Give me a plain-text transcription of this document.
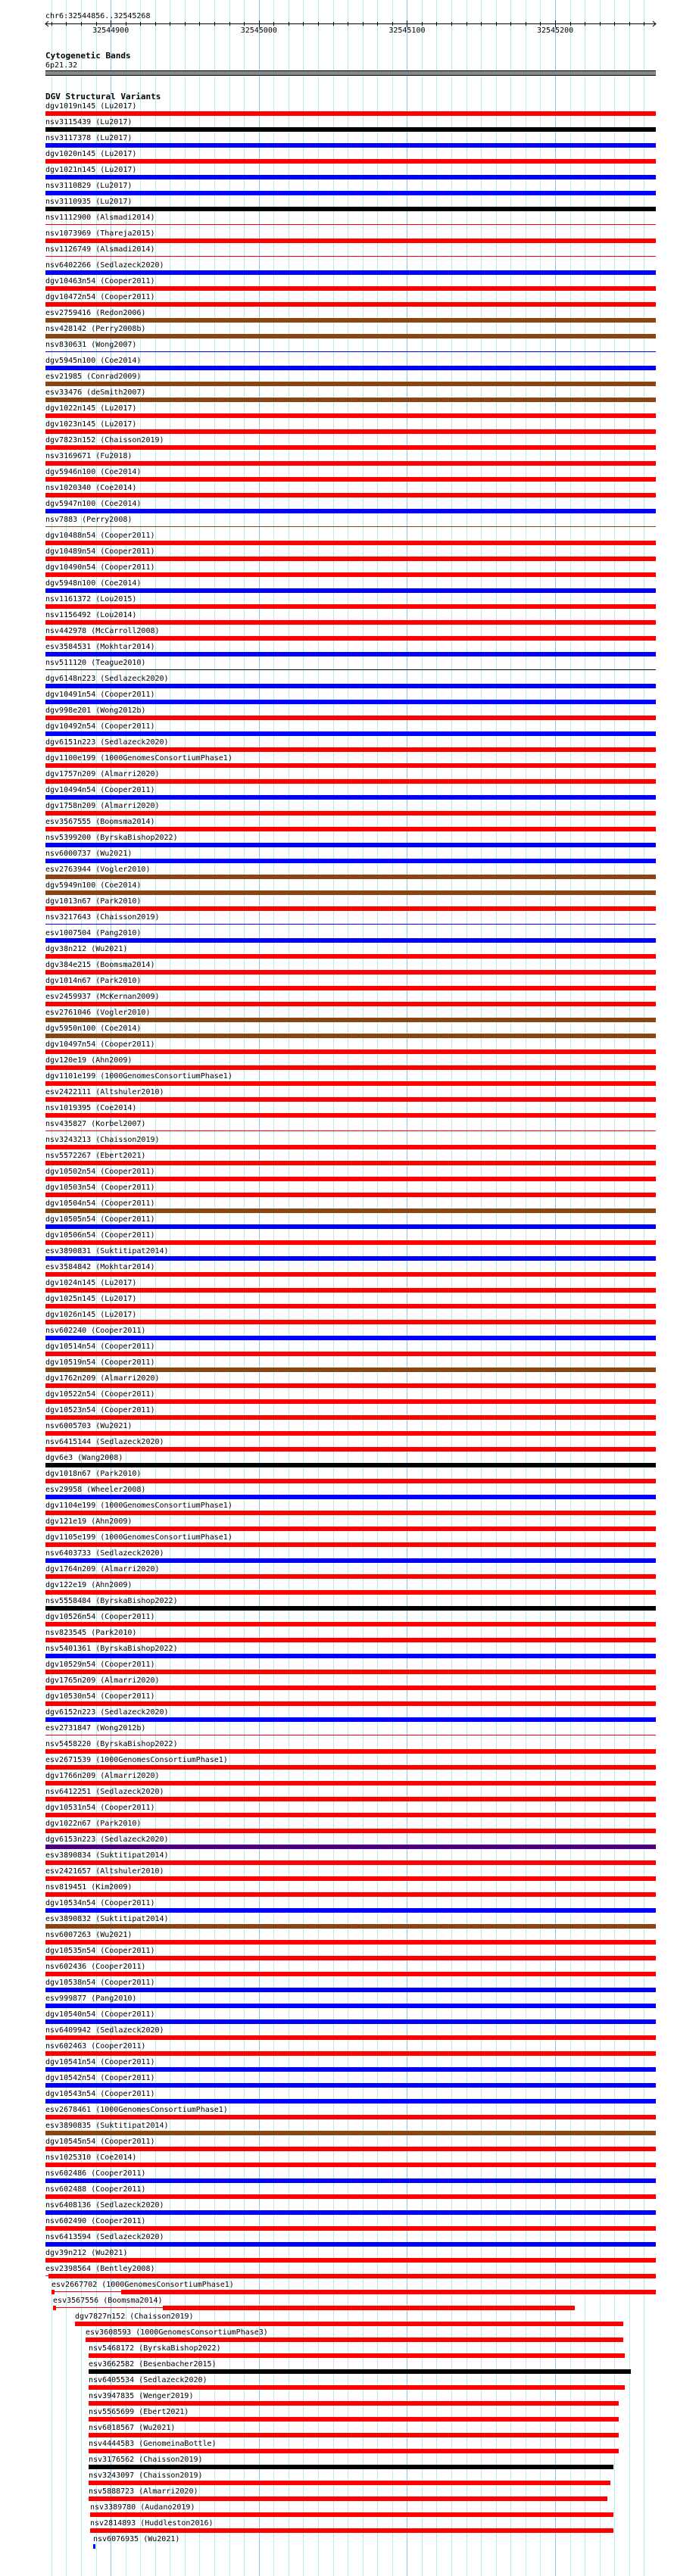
chr6:32544856..32545268
Cytogenetic Bands
6p21.32
DGV Structural Variants
dgv1019n145 (Lu2017)
nsv3115439 (Lu2017)
nsv3117378 (Lu2017)
dgv1020n145 (Lu2017)
dgv1021n145 (Lu2017)
nsv3110829 (Lu2017)
nsv3110935 (Lu2017)
nsv1112900 (Alsmadi2014)
nsv1073969 (Thareja2015)
nsv1126749 (Alsmadi2014)
nsv6402266 (Sedlazeck2020)
dgv10463n54 (Cooper2011)
dgv10472n54 (Cooper2011)
esv2759416 (Redon2006)
nsv428142 (Perry2008b)
nsv830631 (Wong2007)
dgv5945n100 (Coe2014)
esv21985 (Conrad2009)
esv33476 (deSmith2007)
dgv1022n145 (Lu2017)
dgv1023n145 (Lu2017)
dgv7823n152 (Chaisson2019)
nsv3169671 (Fu2018)
dgv5946n100 (Coe2014)
nsv1020340 (Coe2014)
dgv5947n100 (Coe2014)
nsv7883 (Perry2008)
dgv10488n54 (Cooper2011)
dgv10489n54 (Cooper2011)
dgv10490n54 (Cooper2011)
dgv5948n100 (Coe2014)
nsv1161372 (Lou2015)
nsv1156492 (Lou2014)
nsv442978 (McCarroll2008)
esv3584531 (Mokhtar2014)
nsv511120 (Teague2010)
dgv6148n223 (Sedlazeck2020)
dgv10491n54 (Cooper2011)
dgv998e201 (Wong2012b)
dgv10492n54 (Cooper2011)
dgv6151n223 (Sedlazeck2020)
dgv1100e199 (1000GenomesConsortiumPhase1)
dgv1757n209 (Almarri2020)
dgv10494n54 (Cooper2011)
dgv1758n209 (Almarri2020)
esv3567555 (Boomsma2014)
nsv5399200 (ByrskaBishop2022)
nsv6000737 (Wu2021)
esv2763944 (Vogler2010)
dgv5949n100 (Coe2014)
dgv1013n67 (Park2010)
nsv3217643 (Chaisson2019)
esv1007504 (Pang2010)
dgv38n212 (Wu2021)
dgv384e215 (Boomsma2014)
dgv1014n67 (Park2010)
esv2459937 (McKernan2009)
esv2761046 (Vogler2010)
dgv5950n100 (Coe2014)
dgv10497n54 (Cooper2011)
dgv120e19 (Ahn2009)
dgv1101e199 (1000GenomesConsortiumPhase1)
esv2422111 (Altshuler2010)
nsv1019395 (Coe2014)
nsv435827 (Korbel2007)
nsv3243213 (Chaisson2019)
nsv5572267 (Ebert2021)
dgv10502n54 (Cooper2011)
dgv10503n54 (Cooper2011)
dgv10504n54 (Cooper2011)
dgv10505n54 (Cooper2011)
dgv10506n54 (Cooper2011)
esv3890831 (Suktitipat2014)
esv3584842 (Mokhtar2014)
dgv1024n145 (Lu2017)
dgv1025n145 (Lu2017)
dgv1026n145 (Lu2017)
nsv602240 (Cooper2011)
dgv10514n54 (Cooper2011)
dgv10519n54 (Cooper2011)
dgv1762n209 (Almarri2020)
dgv10522n54 (Cooper2011)
dgv10523n54 (Cooper2011)
nsv6005703 (Wu2021)
nsv6415144 (Sedlazeck2020)
dgv6e3 (Wang2008)
dgv1018n67 (Park2010)
esv29958 (Wheeler2008)
dgv1104e199 (1000GenomesConsortiumPhase1)
dgv121e19 (Ahn2009)
dgv1105e199 (1000GenomesConsortiumPhase1)
nsv6403733 (Sedlazeck2020)
dgv1764n209 (Almarri2020)
dgv122e19 (Ahn2009)
nsv5558484 (ByrskaBishop2022)
dgv10526n54 (Cooper2011)
nsv823545 (Park2010)
nsv5401361 (ByrskaBishop2022)
dgv10529n54 (Cooper2011)
dgv1765n209 (Almarri2020)
dgv10530n54 (Cooper2011)
dgv6152n223 (Sedlazeck2020)
esv2731847 (Wong2012b)
nsv5458220 (ByrskaBishop2022)
esv2671539 (1000GenomesConsortiumPhase1)
dgv1766n209 (Almarri2020)
nsv6412251 (Sedlazeck2020)
dgv10531n54 (Cooper2011)
dgv1022n67 (Park2010)
dgv6153n223 (Sedlazeck2020)
esv3890834 (Suktitipat2014)
esv2421657 (Altshuler2010)
nsv819451 (Kim2009)
dgv10534n54 (Cooper2011)
esv3890832 (Suktitipat2014)
nsv6007263 (Wu2021)
dgv10535n54 (Cooper2011)
nsv602436 (Cooper2011)
dgv10538n54 (Cooper2011)
esv999877 (Pang2010)
dgv10540n54 (Cooper2011)
nsv6409942 (Sedlazeck2020)
nsv602463 (Cooper2011)
dgv10541n54 (Cooper2011)
dgv10542n54 (Cooper2011)
dgv10543n54 (Cooper2011)
esv2678461 (1000GenomesConsortiumPhase1)
esv3890835 (Suktitipat2014)
dgv10545n54 (Cooper2011)
nsv1025310 (Coe2014)
nsv602486 (Cooper2011)
nsv602488 (Cooper2011)
nsv6408136 (Sedlazeck2020)
nsv602490 (Cooper2011)
nsv6413594 (Sedlazeck2020)
dgv39n212 (Wu2021)
esv2398564 (Bentley2008)
esv2667702 (1000GenomesConsortiumPhase1)
esv3567556 (Boomsma2014)
dgv7827n152 (Chaisson2019)
esv3608593 (1000GenomesConsortiumPhase3)
nsv5468172 (ByrskaBishop2022)
esv3662582 (Besenbacher2015)
nsv6405534 (Sedlazeck2020)
nsv3947835 (Wenger2019)
nsv5565699 (Ebert2021)
nsv6018567 (Wu2021)
nsv4444583 (GenomeinaBottle)
nsv3176562 (Chaisson2019)
nsv3243097 (Chaisson2019)
nsv5888723 (Almarri2020)
nsv3389780 (Audano2019)
nsv2814893 (Huddleston2016)
nsv6076935 (Wu2021)
32544900	32545000	32545100	32545200
